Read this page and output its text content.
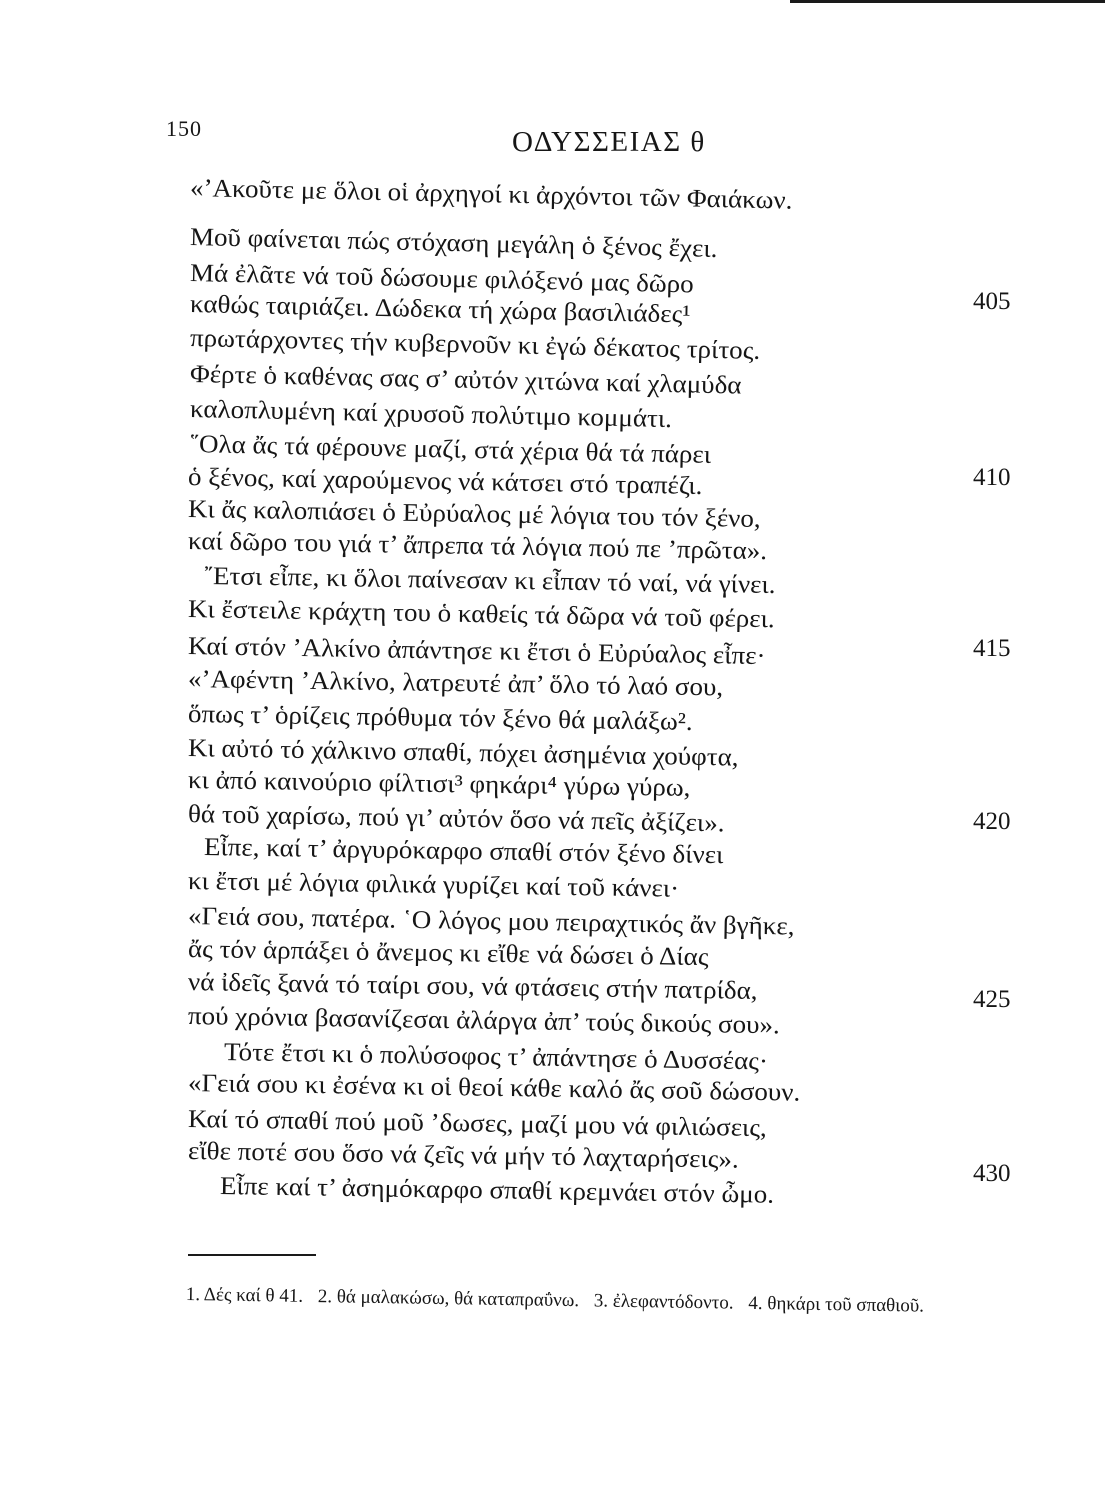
150	ΟΔΥΣΣΕΙΑΣ θ
«’Ακοῦτε με ὅλοι οἱ ἀρχηγοί κι ἀρχόντοι τῶν Φαιάκων.
Μοῦ φαίνεται πώς στόχαση μεγάλη ὁ ξένος ἔχει.
Μά ἐλᾶτε νά τοῦ δώσουμε φιλόξενό μας δῶρο
καθώς ταιριάζει. Δώδεκα τή χώρα βασιλιάδες¹
πρωτάρχοντες τήν κυβερνοῦν κι ἐγώ δέκατος τρίτος.
Φέρτε ὁ καθένας σας σ’ αὐτόν χιτώνα καί χλαμύδα
καλοπλυμένη καί χρυσοῦ πολύτιμο κομμάτι.
῞Ολα ἄς τά φέρουνε μαζί, στά χέρια θά τά πάρει
ὁ ξένος, καί χαρούμενος νά κάτσει στό τραπέζι.
Κι ἄς καλοπιάσει ὁ Εὐρύαλος μέ λόγια του τόν ξένο,
καί δῶρο του γιά τ’ ἄπρεπα τά λόγια πού πε ’πρῶτα».
῎Ετσι εἶπε, κι ὅλοι παίνεσαν κι εἶπαν τό ναί, νά γίνει.
Κι ἔστειλε κράχτη του ὁ καθείς τά δῶρα νά τοῦ φέρει.
Καί στόν ’Αλκίνο ἀπάντησε κι ἔτσι ὁ Εὐρύαλος εἶπε·
«’Αφέντη ’Αλκίνο, λατρευτέ ἀπ’ ὅλο τό λαό σου,
ὅπως τ’ ὁρίζεις πρόθυμα τόν ξένο θά μαλάξω².
Κι αὐτό τό χάλκινο σπαθί, πόχει ἀσημένια χούφτα,
κι ἀπό καινούριο φίλτισι³ φηκάρι⁴ γύρω γύρω,
θά τοῦ χαρίσω, πού γι’ αὐτόν ὅσο νά πεῖς ἀξίζει».
Εἶπε, καί τ’ ἀργυρόκαρφο σπαθί στόν ξένο δίνει
κι ἔτσι μέ λόγια φιλικά γυρίζει καί τοῦ κάνει·
«Γειά σου, πατέρα. ῾Ο λόγος μου πειραχτικός ἄν βγῆκε,
ἄς τόν ἁρπάξει ὁ ἄνεμος κι εἴθε νά δώσει ὁ Δίας
νά ἰδεῖς ξανά τό ταίρι σου, νά φτάσεις στήν πατρίδα,
πού χρόνια βασανίζεσαι ἀλάργα ἀπ’ τούς δικούς σου».
Τότε ἔτσι κι ὁ πολύσοφος τ’ ἀπάντησε ὁ Δυσσέας·
«Γειά σου κι ἐσένα κι οἱ θεοί κάθε καλό ἄς σοῦ δώσουν.
Καί τό σπαθί πού μοῦ ’δωσες, μαζί μου νά φιλιώσεις,
εἴθε ποτέ σου ὅσο νά ζεῖς νά μήν τό λαχταρήσεις».
Εἶπε καί τ’ ἀσημόκαρφο σπαθί κρεμνάει στόν ὦμο.
405
410
415
420
425
430
1. Δές καί θ 41. 2. θά μαλακώσω, θά καταπραΰνω. 3. ἐλεφαντόδοντο. 4. θηκάρι τοῦ σπαθιοῦ.
